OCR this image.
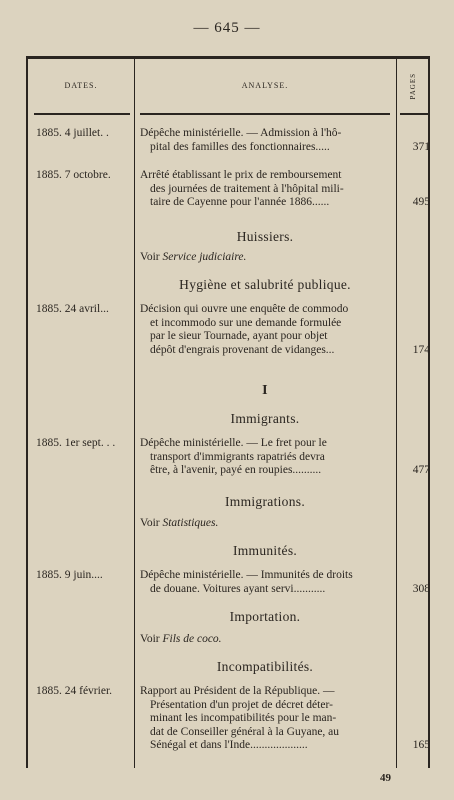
— 645 —
DATES.	ANALYSE.	PAGES
1885. 4 juillet. .	Dépêche ministérielle. — Admission à l'hô-
pital des familles des fonctionnaires.....	371
1885. 7 octobre.	Arrêté établissant le prix de remboursement
des journées de traitement à l'hôpital mili-
taire de Cayenne pour l'année 1886......	495
Huissiers.
Voir Service judiciaire.
Hygiène et salubrité publique.
1885. 24 avril...	Décision qui ouvre une enquête de commodo
et incommodo sur une demande formulée
par le sieur Tournade, ayant pour objet
dépôt d'engrais provenant de vidanges...	174
I
Immigrants.
1885. 1er sept. . .	Dépêche ministérielle. — Le fret pour le
transport d'immigrants rapatriés devra
être, à l'avenir, payé en roupies..........	477
Immigrations.
Voir Statistiques.
Immunités.
1885. 9 juin....	Dépêche ministérielle. — Immunités de droits
de douane. Voitures ayant servi...........	308
Importation.
Voir Fils de coco.
Incompatibilités.
1885. 24 février.	Rapport au Président de la République. —
Présentation d'un projet de décret déter-
minant les incompatibilités pour le man-
dat de Conseiller général à la Guyane, au
Sénégal et dans l'Inde....................	165
49
